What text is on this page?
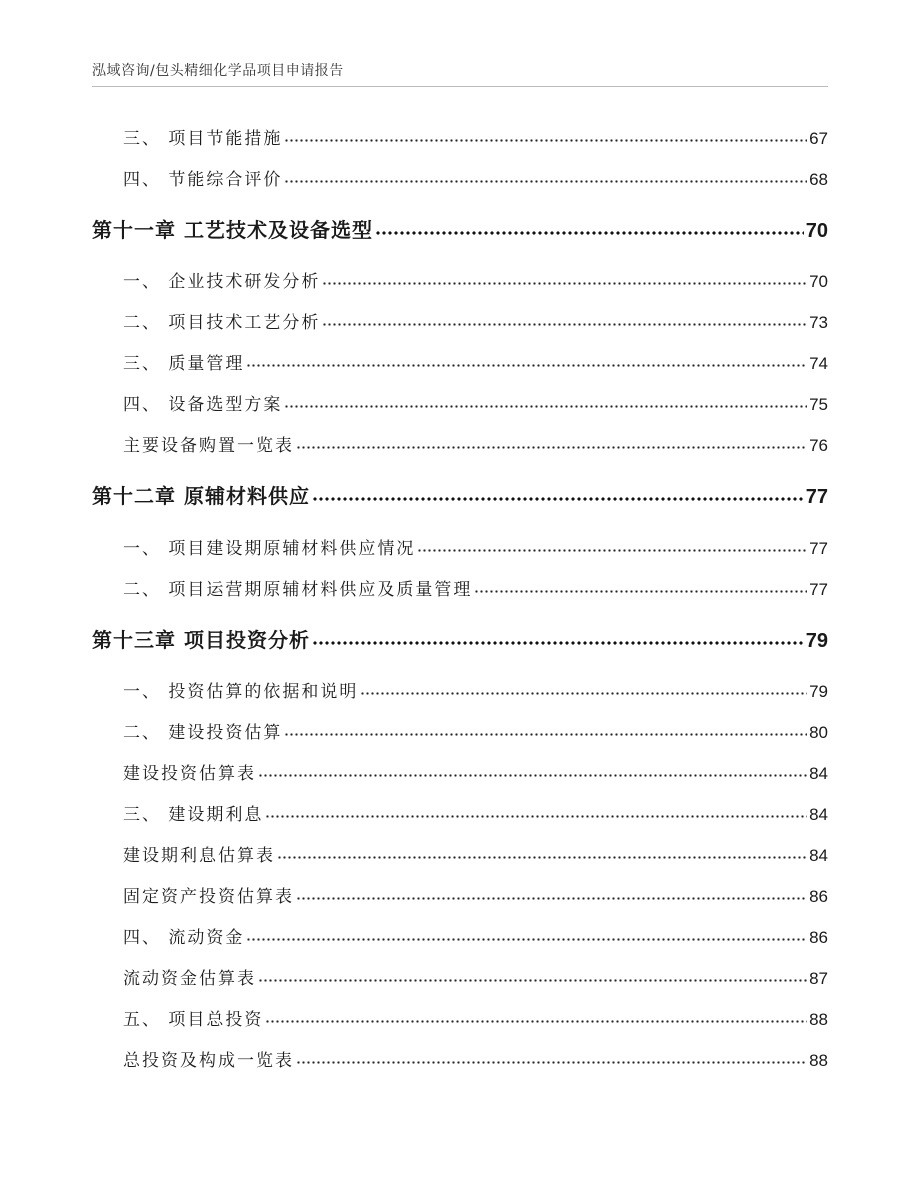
泓域咨询/包头精细化学品项目申请报告
三、 项目节能措施	67
四、 节能综合评价	68
第十一章 工艺技术及设备选型	70
一、 企业技术研发分析	70
二、 项目技术工艺分析	73
三、 质量管理	74
四、 设备选型方案	75
主要设备购置一览表	76
第十二章 原辅材料供应	77
一、 项目建设期原辅材料供应情况	77
二、 项目运营期原辅材料供应及质量管理	77
第十三章 项目投资分析	79
一、 投资估算的依据和说明	79
二、 建设投资估算	80
建设投资估算表	84
三、 建设期利息	84
建设期利息估算表	84
固定资产投资估算表	86
四、 流动资金	86
流动资金估算表	87
五、 项目总投资	88
总投资及构成一览表	88
